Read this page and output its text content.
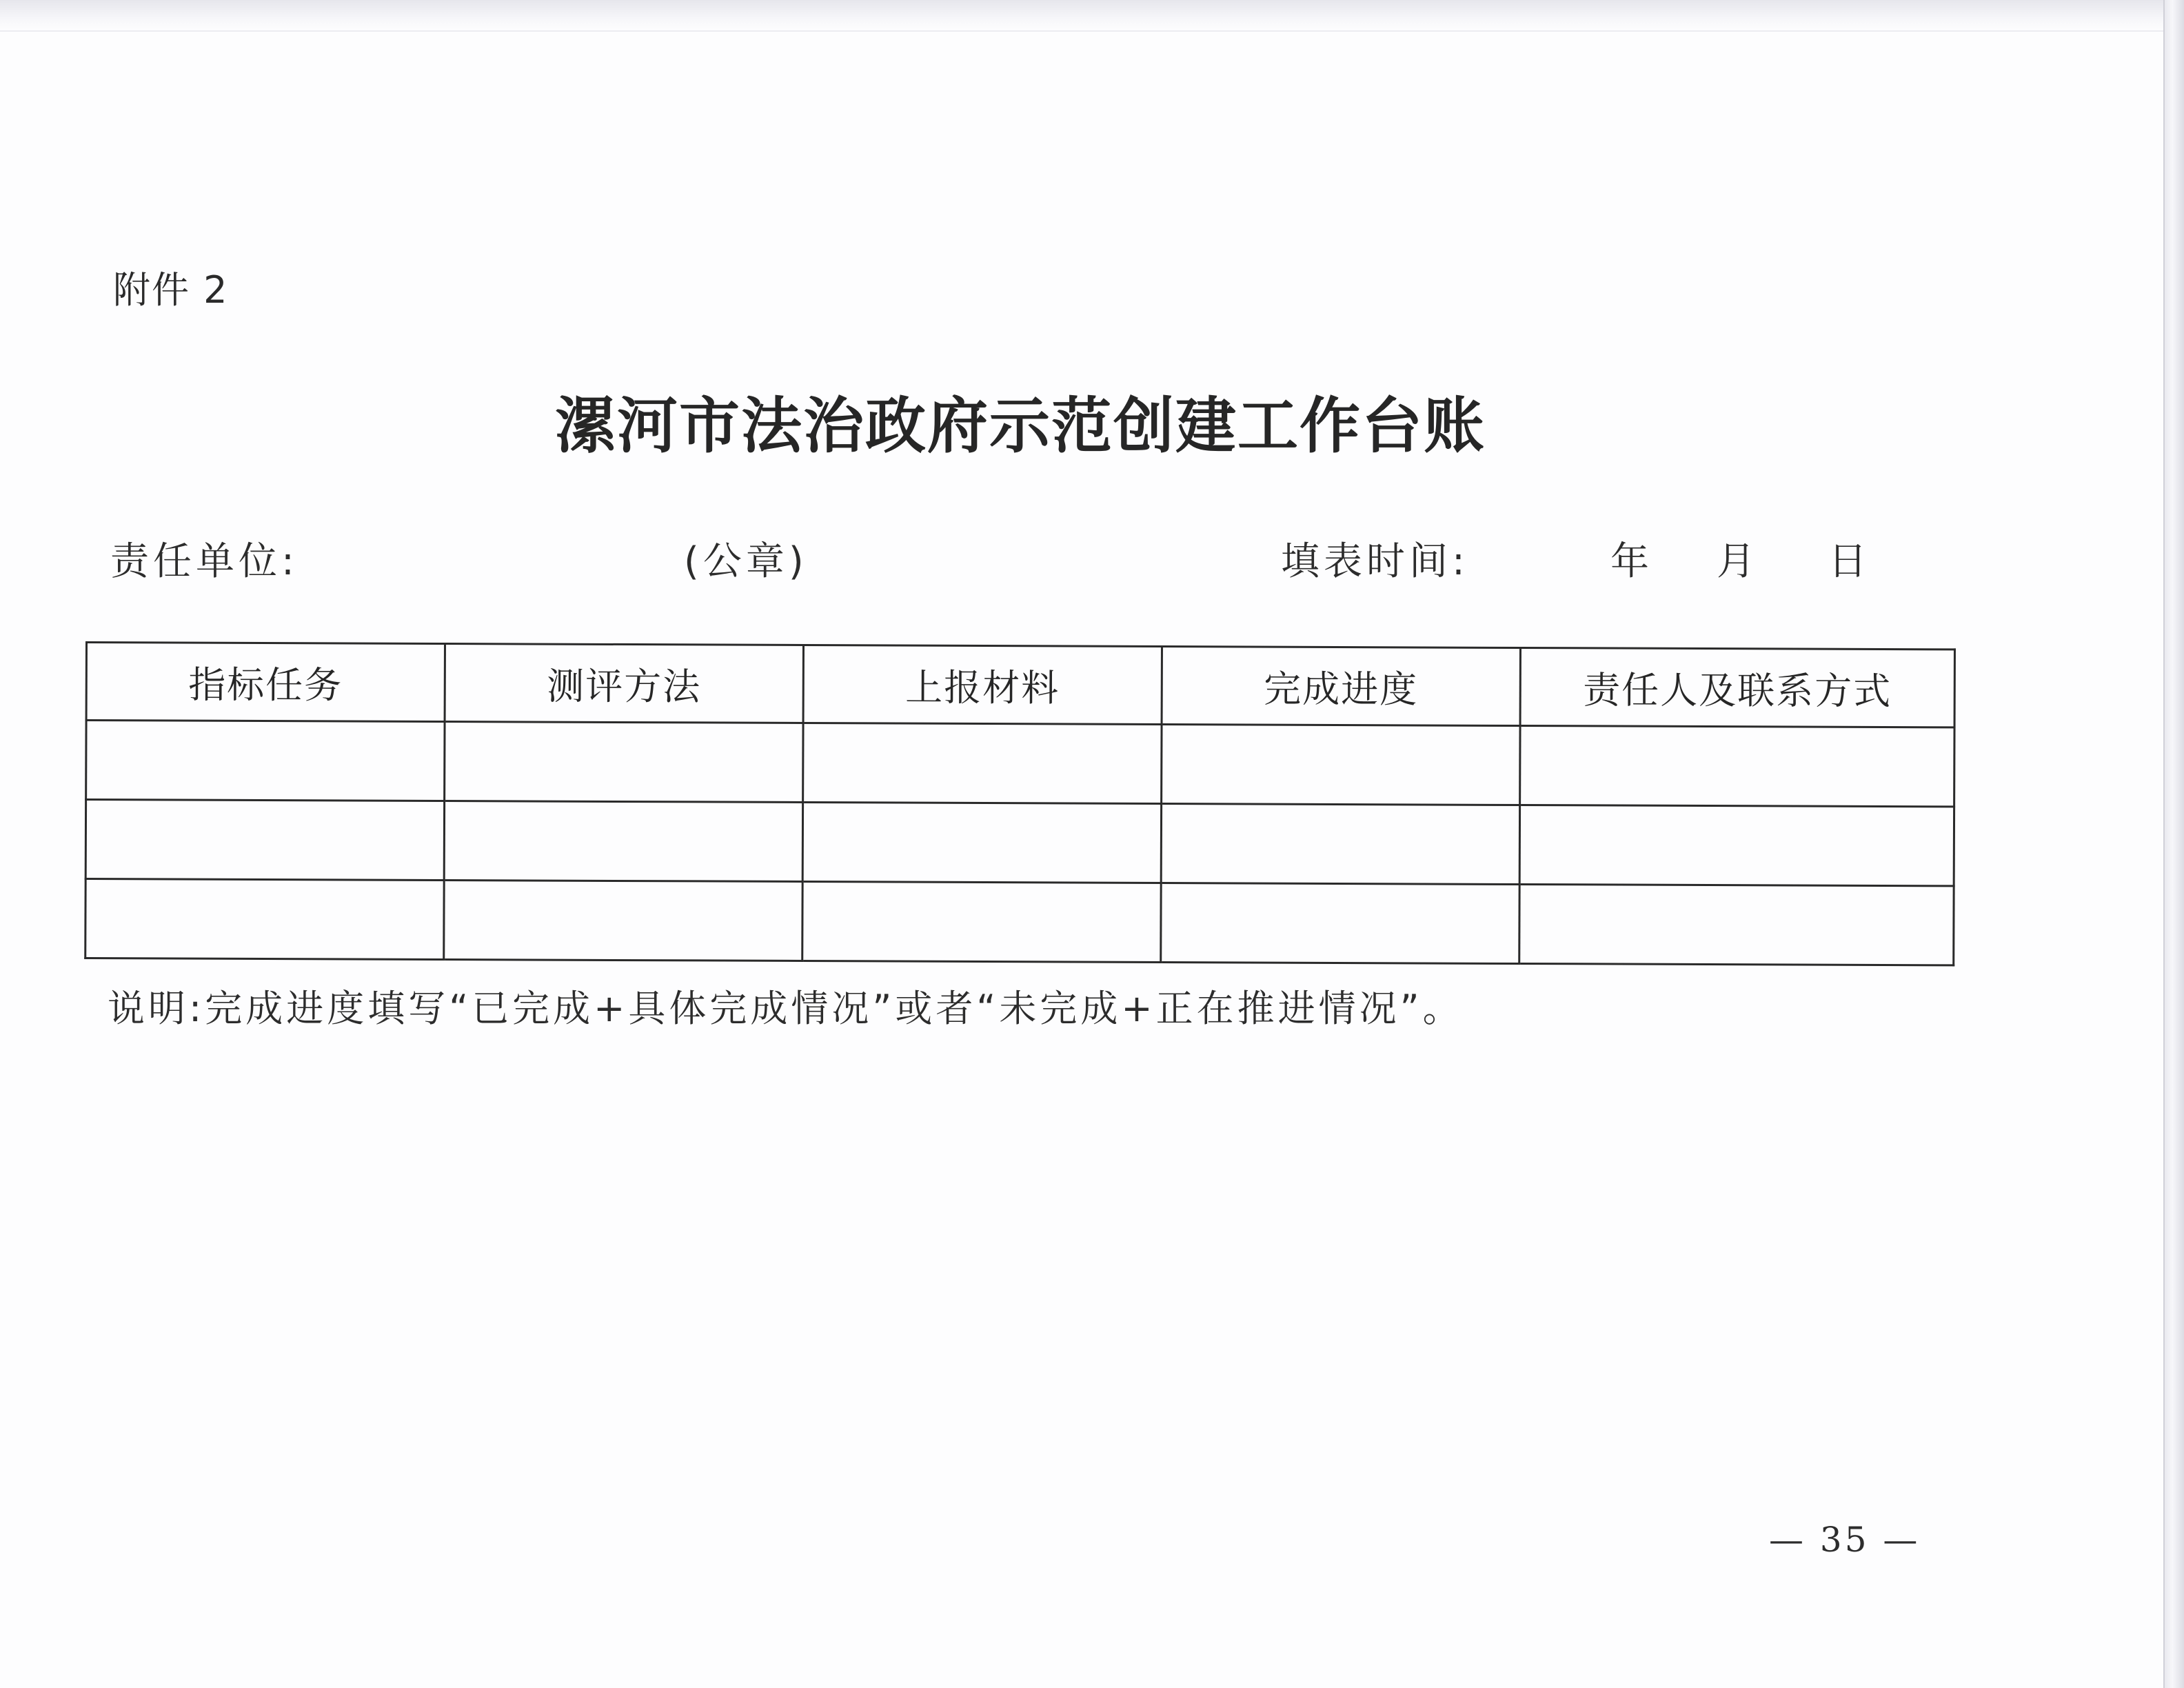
附件 2
漯河市法治政府示范创建工作台账
责任单位:	(公章)	填表时间:	年 月 日
指标任务	测评方法	上报材料	完成进度	责任人及联系方式

说明:完成进度填写“已完成+具体完成情况”或者“未完成+正在推进情况”。
— 35 —
